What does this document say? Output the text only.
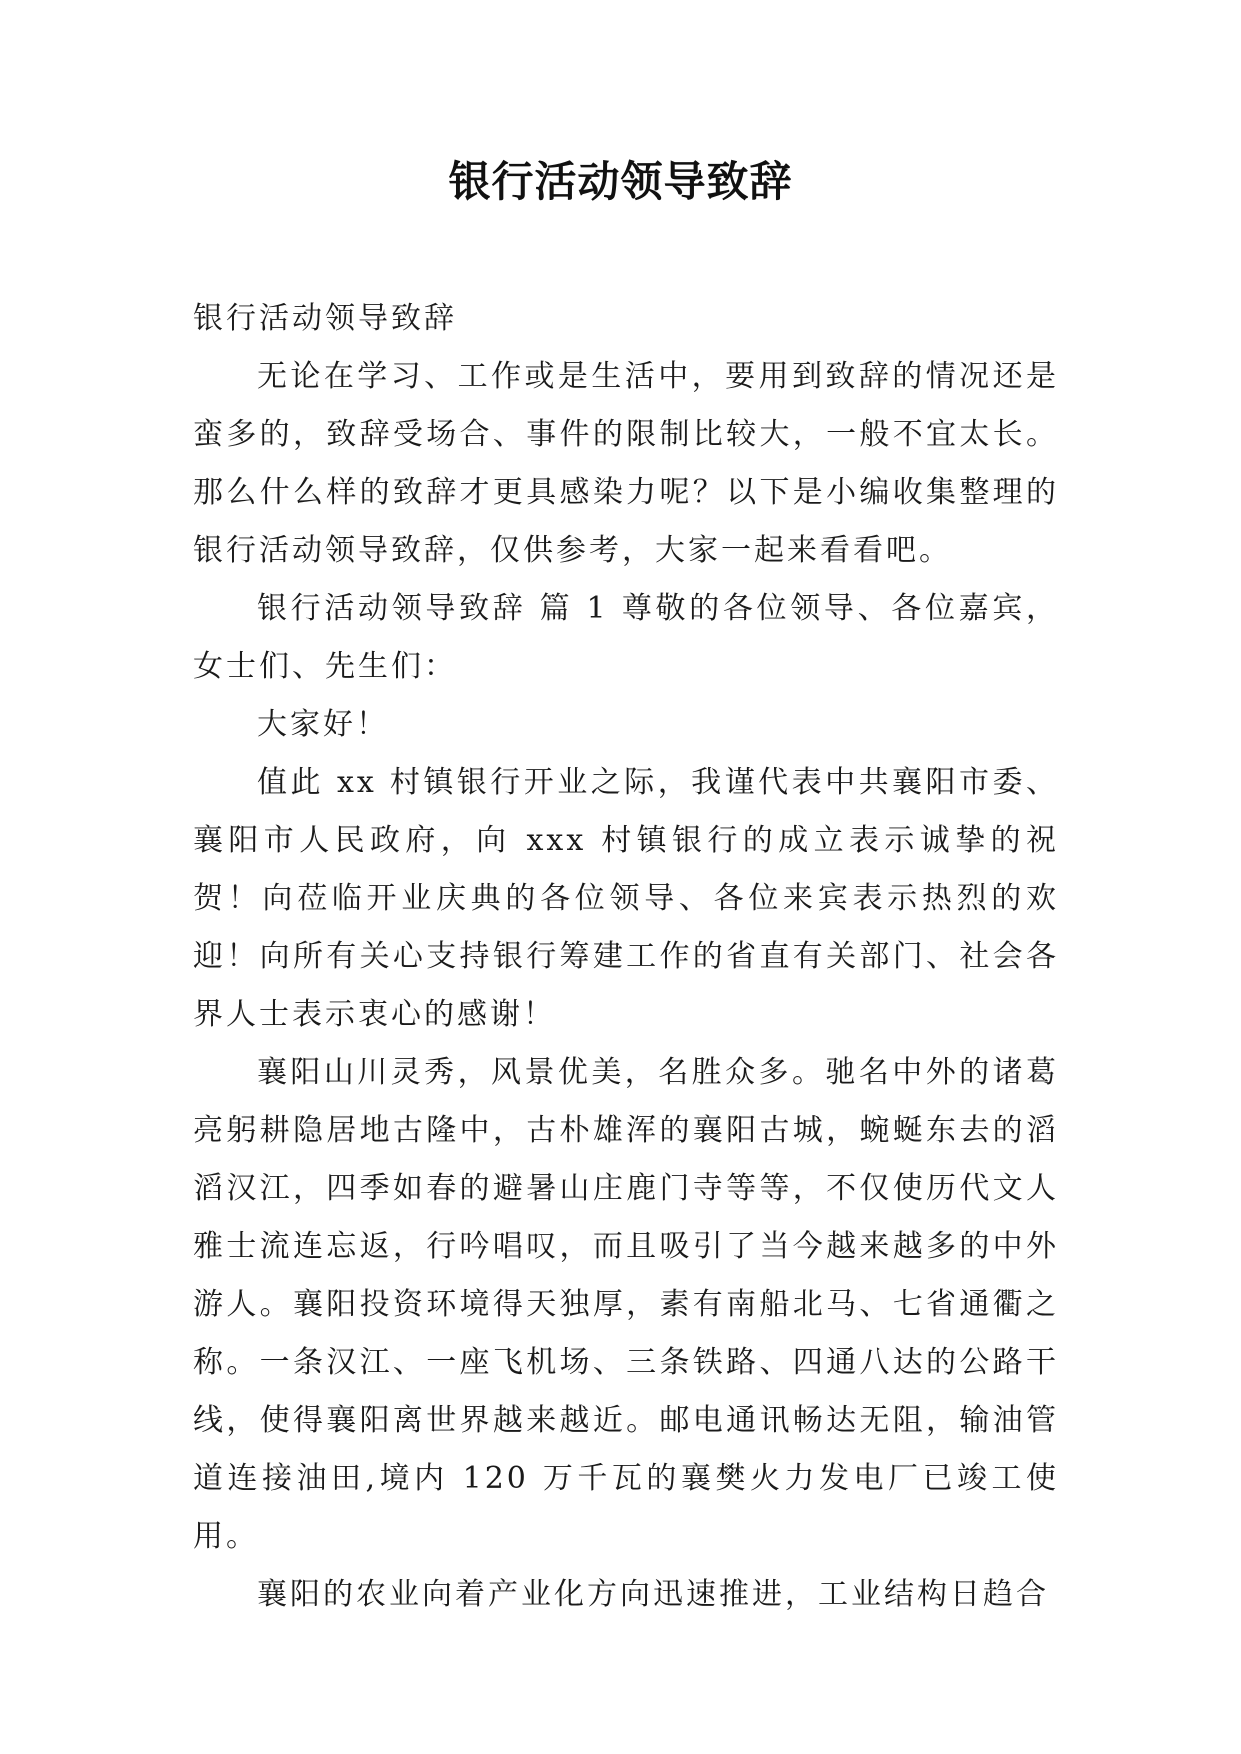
银行活动领导致辞

银行活动领导致辞

无论在学习、工作或是生活中，要用到致辞的情况还是蛮多的，致辞受场合、事件的限制比较大，一般不宜太长。那么什么样的致辞才更具感染力呢？以下是小编收集整理的银行活动领导致辞，仅供参考，大家一起来看看吧。

银行活动领导致辞 篇 1 尊敬的各位领导、各位嘉宾，女士们、先生们：

大家好！

值此 xx 村镇银行开业之际，我谨代表中共襄阳市委、襄阳市人民政府，向 xxx 村镇银行的成立表示诚挚的祝贺！向莅临开业庆典的各位领导、各位来宾表示热烈的欢迎！向所有关心支持银行筹建工作的省直有关部门、社会各界人士表示衷心的感谢！

襄阳山川灵秀，风景优美，名胜众多。驰名中外的诸葛亮躬耕隐居地古隆中，古朴雄浑的襄阳古城，蜿蜒东去的滔滔汉江，四季如春的避暑山庄鹿门寺等等，不仅使历代文人雅士流连忘返，行吟唱叹，而且吸引了当今越来越多的中外游人。襄阳投资环境得天独厚，素有南船北马、七省通衢之称。一条汉江、一座飞机场、三条铁路、四通八达的公路干线，使得襄阳离世界越来越近。邮电通讯畅达无阻，输油管道连接油田,境内 120 万千瓦的襄樊火力发电厂已竣工使用。

襄阳的农业向着产业化方向迅速推进，工业结构日趋合
